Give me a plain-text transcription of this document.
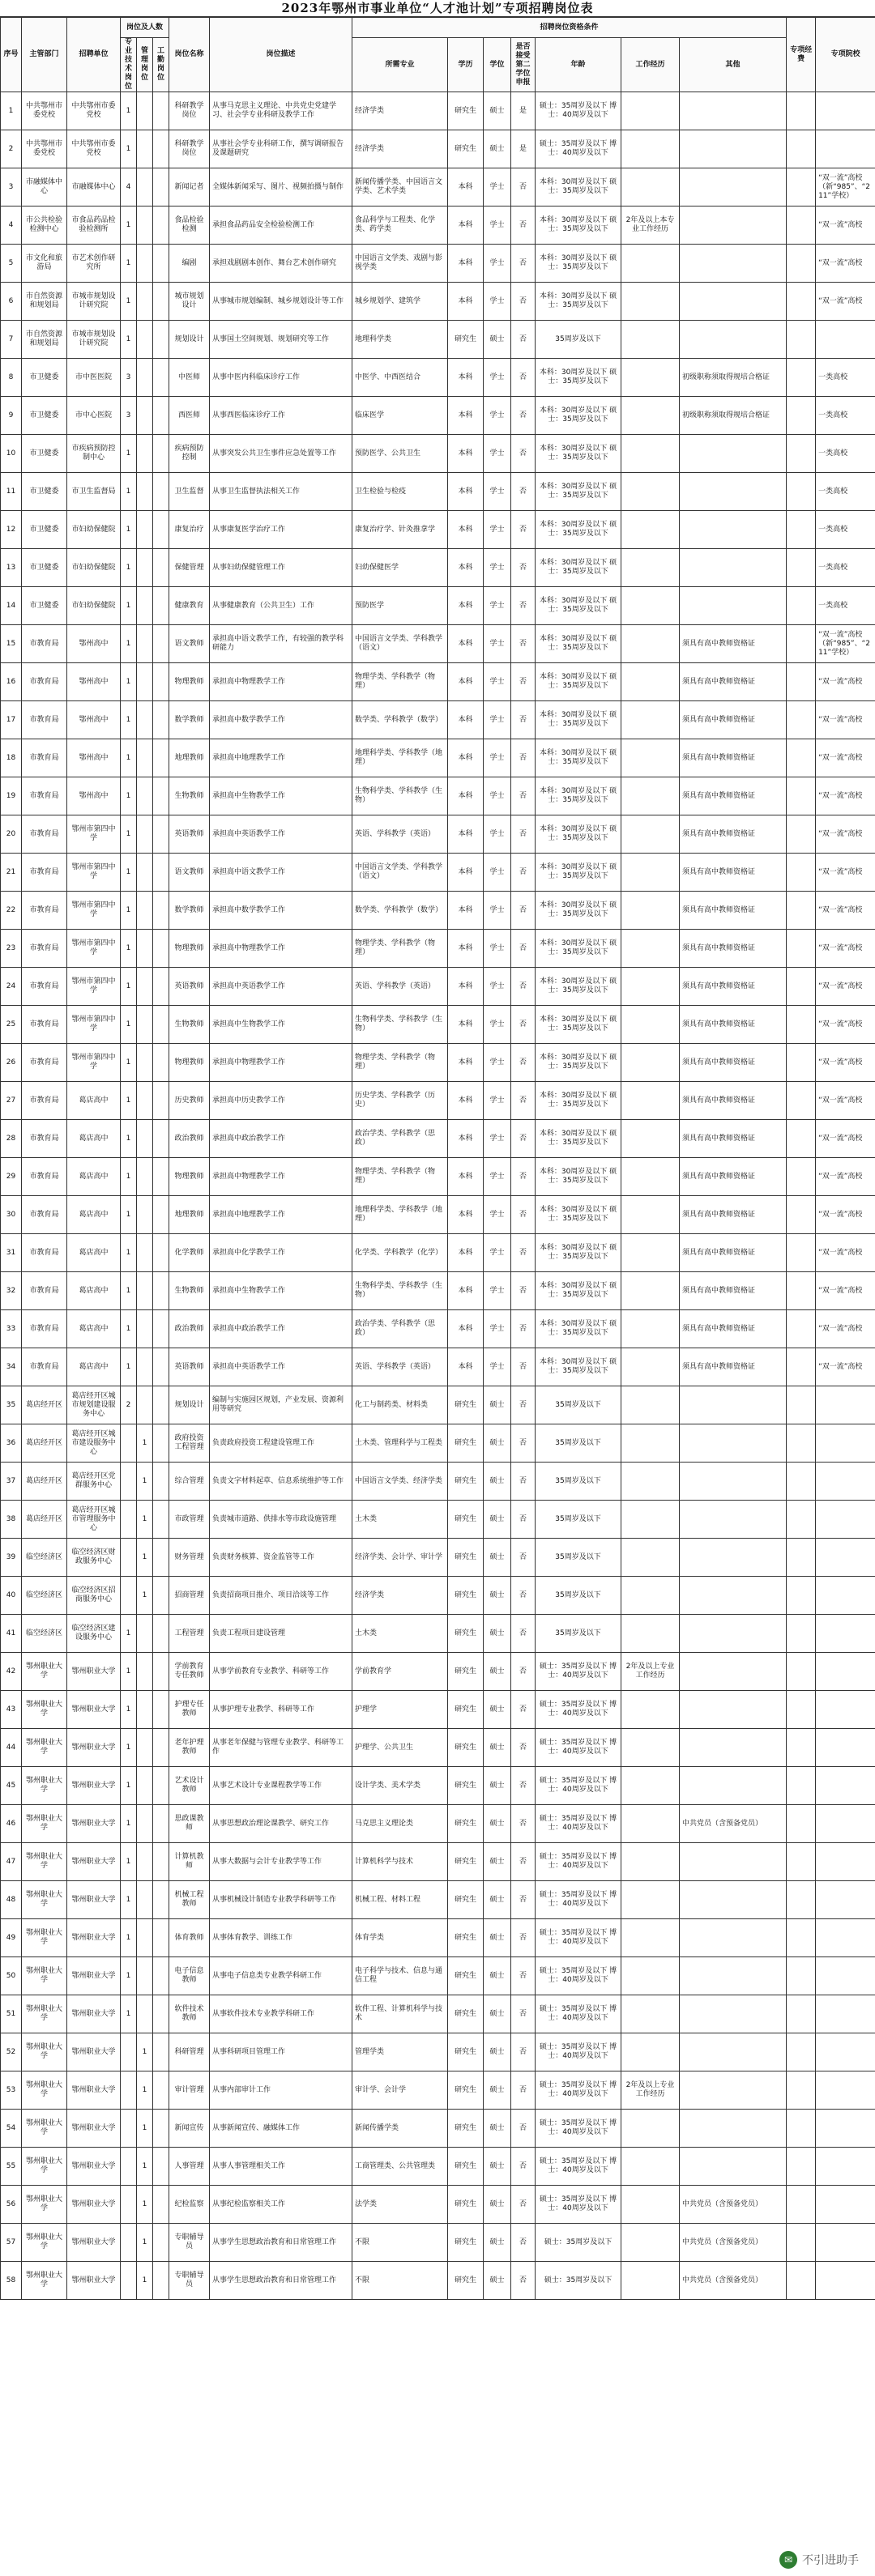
2023年鄂州市事业单位“人才池计划”专项招聘岗位表
序号	主管部门	招聘单位	岗位及人数			岗位名称	岗位描述	招聘岗位资格条件							专项经费	专项院校
			专业技术岗位	管理岗位	工勤岗位			所需专业	学历	学位	是否接受第二学位申报	年龄	工作经历	其他		
1	中共鄂州市委党校	中共鄂州市委党校	1			科研教学岗位	从事马克思主义理论、中共党史党建学习、社会学专业科研及教学工作	经济学类	研究生	硕士	是	硕士：35周岁及以下 博士：40周岁及以下				
2	中共鄂州市委党校	中共鄂州市委党校	1			科研教学岗位	从事社会学专业科研工作，撰写调研报告及课题研究	经济学类	研究生	硕士	是	硕士：35周岁及以下 博士：40周岁及以下				
3	市融媒体中心	市融媒体中心	4			新闻记者	全媒体新闻采写、图片、视频拍摄与制作	新闻传播学类、中国语言文学类、艺术学类	本科	学士	否	本科：30周岁及以下 硕士：35周岁及以下				“双一流”高校（新“985”、“211”学校）
4	市公共检验检测中心	市食品药品检验检测所	1			食品检验检测	承担食品药品安全检验检测工作	食品科学与工程类、化学类、药学类	本科	学士	否	本科：30周岁及以下 硕士：35周岁及以下	2年及以上本专业工作经历			“双一流”高校
5	市文化和旅游局	市艺术创作研究所	1			编剧	承担戏剧剧本创作、舞台艺术创作研究	中国语言文学类、戏剧与影视学类	本科	学士	否	本科：30周岁及以下 硕士：35周岁及以下				“双一流”高校
6	市自然资源和规划局	市城市规划设计研究院	1			城市规划设计	从事城市规划编制、城乡规划设计等工作	城乡规划学、建筑学	本科	学士	否	本科：30周岁及以下 硕士：35周岁及以下				“双一流”高校
7	市自然资源和规划局	市城市规划设计研究院	1			规划设计	从事国土空间规划、规划研究等工作	地理科学类	研究生	硕士	否	35周岁及以下				
8	市卫健委	市中医医院	3			中医师	从事中医内科临床诊疗工作	中医学、中西医结合	本科	学士	否	本科：30周岁及以下 硕士：35周岁及以下		初级职称须取得规培合格证		一类高校
9	市卫健委	市中心医院	3			西医师	从事西医临床诊疗工作	临床医学	本科	学士	否	本科：30周岁及以下 硕士：35周岁及以下		初级职称须取得规培合格证		一类高校
10	市卫健委	市疾病预防控制中心	1			疾病预防控制	从事突发公共卫生事件应急处置等工作	预防医学、公共卫生	本科	学士	否	本科：30周岁及以下 硕士：35周岁及以下				一类高校
11	市卫健委	市卫生监督局	1			卫生监督	从事卫生监督执法相关工作	卫生检验与检疫	本科	学士	否	本科：30周岁及以下 硕士：35周岁及以下				一类高校
12	市卫健委	市妇幼保健院	1			康复治疗	从事康复医学治疗工作	康复治疗学、针灸推拿学	本科	学士	否	本科：30周岁及以下 硕士：35周岁及以下				一类高校
13	市卫健委	市妇幼保健院	1			保健管理	从事妇幼保健管理工作	妇幼保健医学	本科	学士	否	本科：30周岁及以下 硕士：35周岁及以下				一类高校
14	市卫健委	市妇幼保健院	1			健康教育	从事健康教育（公共卫生）工作	预防医学	本科	学士	否	本科：30周岁及以下 硕士：35周岁及以下				一类高校
15	市教育局	鄂州高中	1			语文教师	承担高中语文教学工作，有较强的教学科研能力	中国语言文学类、学科教学（语文）	本科	学士	否	本科：30周岁及以下 硕士：35周岁及以下		须具有高中教师资格证		“双一流”高校（新“985”、“211”学校）
16	市教育局	鄂州高中	1			物理教师	承担高中物理教学工作	物理学类、学科教学（物理）	本科	学士	否	本科：30周岁及以下 硕士：35周岁及以下		须具有高中教师资格证		“双一流”高校
17	市教育局	鄂州高中	1			数学教师	承担高中数学教学工作	数学类、学科教学（数学）	本科	学士	否	本科：30周岁及以下 硕士：35周岁及以下		须具有高中教师资格证		“双一流”高校
18	市教育局	鄂州高中	1			地理教师	承担高中地理教学工作	地理科学类、学科教学（地理）	本科	学士	否	本科：30周岁及以下 硕士：35周岁及以下		须具有高中教师资格证		“双一流”高校
19	市教育局	鄂州高中	1			生物教师	承担高中生物教学工作	生物科学类、学科教学（生物）	本科	学士	否	本科：30周岁及以下 硕士：35周岁及以下		须具有高中教师资格证		“双一流”高校
20	市教育局	鄂州市第四中学	1			英语教师	承担高中英语教学工作	英语、学科教学（英语）	本科	学士	否	本科：30周岁及以下 硕士：35周岁及以下		须具有高中教师资格证		“双一流”高校
21	市教育局	鄂州市第四中学	1			语文教师	承担高中语文教学工作	中国语言文学类、学科教学（语文）	本科	学士	否	本科：30周岁及以下 硕士：35周岁及以下		须具有高中教师资格证		“双一流”高校
22	市教育局	鄂州市第四中学	1			数学教师	承担高中数学教学工作	数学类、学科教学（数学）	本科	学士	否	本科：30周岁及以下 硕士：35周岁及以下		须具有高中教师资格证		“双一流”高校
23	市教育局	鄂州市第四中学	1			物理教师	承担高中物理教学工作	物理学类、学科教学（物理）	本科	学士	否	本科：30周岁及以下 硕士：35周岁及以下		须具有高中教师资格证		“双一流”高校
24	市教育局	鄂州市第四中学	1			英语教师	承担高中英语教学工作	英语、学科教学（英语）	本科	学士	否	本科：30周岁及以下 硕士：35周岁及以下		须具有高中教师资格证		“双一流”高校
25	市教育局	鄂州市第四中学	1			生物教师	承担高中生物教学工作	生物科学类、学科教学（生物）	本科	学士	否	本科：30周岁及以下 硕士：35周岁及以下		须具有高中教师资格证		“双一流”高校
26	市教育局	鄂州市第四中学	1			物理教师	承担高中物理教学工作	物理学类、学科教学（物理）	本科	学士	否	本科：30周岁及以下 硕士：35周岁及以下		须具有高中教师资格证		“双一流”高校
27	市教育局	葛店高中	1			历史教师	承担高中历史教学工作	历史学类、学科教学（历史）	本科	学士	否	本科：30周岁及以下 硕士：35周岁及以下		须具有高中教师资格证		“双一流”高校
28	市教育局	葛店高中	1			政治教师	承担高中政治教学工作	政治学类、学科教学（思政）	本科	学士	否	本科：30周岁及以下 硕士：35周岁及以下		须具有高中教师资格证		“双一流”高校
29	市教育局	葛店高中	1			物理教师	承担高中物理教学工作	物理学类、学科教学（物理）	本科	学士	否	本科：30周岁及以下 硕士：35周岁及以下		须具有高中教师资格证		“双一流”高校
30	市教育局	葛店高中	1			地理教师	承担高中地理教学工作	地理科学类、学科教学（地理）	本科	学士	否	本科：30周岁及以下 硕士：35周岁及以下		须具有高中教师资格证		“双一流”高校
31	市教育局	葛店高中	1			化学教师	承担高中化学教学工作	化学类、学科教学（化学）	本科	学士	否	本科：30周岁及以下 硕士：35周岁及以下		须具有高中教师资格证		“双一流”高校
32	市教育局	葛店高中	1			生物教师	承担高中生物教学工作	生物科学类、学科教学（生物）	本科	学士	否	本科：30周岁及以下 硕士：35周岁及以下		须具有高中教师资格证		“双一流”高校
33	市教育局	葛店高中	1			政治教师	承担高中政治教学工作	政治学类、学科教学（思政）	本科	学士	否	本科：30周岁及以下 硕士：35周岁及以下		须具有高中教师资格证		“双一流”高校
34	市教育局	葛店高中	1			英语教师	承担高中英语教学工作	英语、学科教学（英语）	本科	学士	否	本科：30周岁及以下 硕士：35周岁及以下		须具有高中教师资格证		“双一流”高校
35	葛店经开区	葛店经开区城市规划建设服务中心	2			规划设计	编制与实施园区规划，产业发展、资源利用等研究	化工与制药类、材料类	研究生	硕士	否	35周岁及以下				
36	葛店经开区	葛店经开区城市建设服务中心		1		政府投资工程管理	负责政府投资工程建设管理工作	土木类、管理科学与工程类	研究生	硕士	否	35周岁及以下				
37	葛店经开区	葛店经开区党群服务中心		1		综合管理	负责文字材料起草、信息系统维护等工作	中国语言文学类、经济学类	研究生	硕士	否	35周岁及以下				
38	葛店经开区	葛店经开区城市管理服务中心		1		市政管理	负责城市道路、供排水等市政设施管理	土木类	研究生	硕士	否	35周岁及以下				
39	临空经济区	临空经济区财政服务中心		1		财务管理	负责财务核算、资金监管等工作	经济学类、会计学、审计学	研究生	硕士	否	35周岁及以下				
40	临空经济区	临空经济区招商服务中心		1		招商管理	负责招商项目推介、项目洽谈等工作	经济学类	研究生	硕士	否	35周岁及以下				
41	临空经济区	临空经济区建设服务中心	1			工程管理	负责工程项目建设管理	土木类	研究生	硕士	否	35周岁及以下				
42	鄂州职业大学	鄂州职业大学	1			学前教育专任教师	从事学前教育专业教学、科研等工作	学前教育学	研究生	硕士	否	硕士：35周岁及以下 博士：40周岁及以下	2年及以上专业工作经历			
43	鄂州职业大学	鄂州职业大学	1			护理专任教师	从事护理专业教学、科研等工作	护理学	研究生	硕士	否	硕士：35周岁及以下 博士：40周岁及以下				
44	鄂州职业大学	鄂州职业大学	1			老年护理教师	从事老年保健与管理专业教学、科研等工作	护理学、公共卫生	研究生	硕士	否	硕士：35周岁及以下 博士：40周岁及以下				
45	鄂州职业大学	鄂州职业大学	1			艺术设计教师	从事艺术设计专业课程教学等工作	设计学类、美术学类	研究生	硕士	否	硕士：35周岁及以下 博士：40周岁及以下				
46	鄂州职业大学	鄂州职业大学	1			思政课教师	从事思想政治理论课教学、研究工作	马克思主义理论类	研究生	硕士	否	硕士：35周岁及以下 博士：40周岁及以下		中共党员（含预备党员）		
47	鄂州职业大学	鄂州职业大学	1			计算机教师	从事大数据与会计专业教学等工作	计算机科学与技术	研究生	硕士	否	硕士：35周岁及以下 博士：40周岁及以下				
48	鄂州职业大学	鄂州职业大学	1			机械工程教师	从事机械设计制造专业教学科研等工作	机械工程、材料工程	研究生	硕士	否	硕士：35周岁及以下 博士：40周岁及以下				
49	鄂州职业大学	鄂州职业大学	1			体育教师	从事体育教学、训练工作	体育学类	研究生	硕士	否	硕士：35周岁及以下 博士：40周岁及以下				
50	鄂州职业大学	鄂州职业大学	1			电子信息教师	从事电子信息类专业教学科研工作	电子科学与技术、信息与通信工程	研究生	硕士	否	硕士：35周岁及以下 博士：40周岁及以下				
51	鄂州职业大学	鄂州职业大学	1			软件技术教师	从事软件技术专业教学科研工作	软件工程、计算机科学与技术	研究生	硕士	否	硕士：35周岁及以下 博士：40周岁及以下				
52	鄂州职业大学	鄂州职业大学		1		科研管理	从事科研项目管理工作	管理学类	研究生	硕士	否	硕士：35周岁及以下 博士：40周岁及以下				
53	鄂州职业大学	鄂州职业大学		1		审计管理	从事内部审计工作	审计学、会计学	研究生	硕士	否	硕士：35周岁及以下 博士：40周岁及以下	2年及以上专业工作经历			
54	鄂州职业大学	鄂州职业大学		1		新闻宣传	从事新闻宣传、融媒体工作	新闻传播学类	研究生	硕士	否	硕士：35周岁及以下 博士：40周岁及以下				
55	鄂州职业大学	鄂州职业大学		1		人事管理	从事人事管理相关工作	工商管理类、公共管理类	研究生	硕士	否	硕士：35周岁及以下 博士：40周岁及以下				
56	鄂州职业大学	鄂州职业大学		1		纪检监察	从事纪检监察相关工作	法学类	研究生	硕士	否	硕士：35周岁及以下 博士：40周岁及以下		中共党员（含预备党员）		
57	鄂州职业大学	鄂州职业大学		1		专职辅导员	从事学生思想政治教育和日常管理工作	不限	研究生	硕士	否	硕士：35周岁及以下		中共党员（含预备党员）		
58	鄂州职业大学	鄂州职业大学		1		专职辅导员	从事学生思想政治教育和日常管理工作	不限	研究生	硕士	否	硕士：35周岁及以下		中共党员（含预备党员）		
✉ 不引进助手
